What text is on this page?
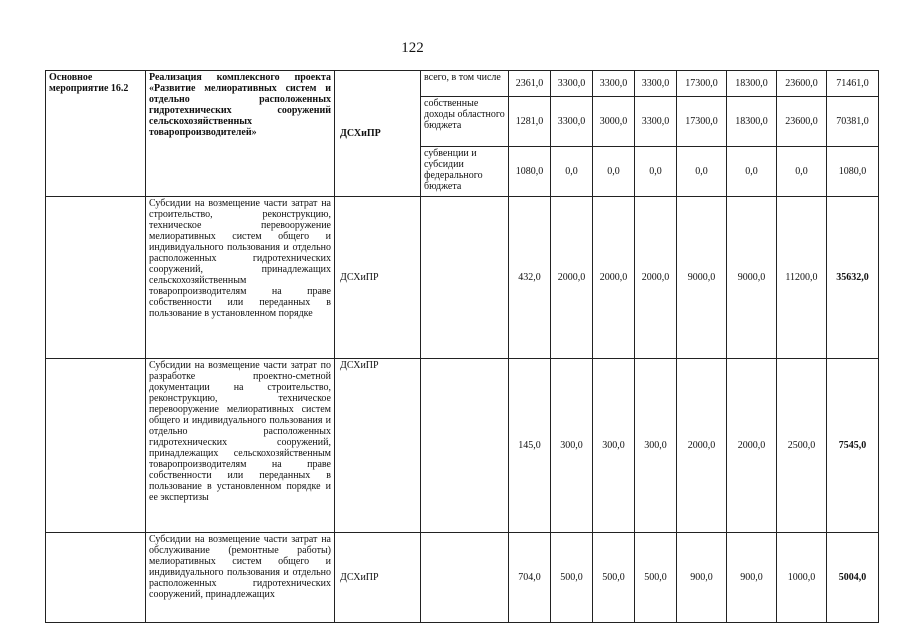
122
Основное мероприятие 16.2	Реализация комплексного проекта «Развитие мелиоративных систем и отдельно расположенных гидротехнических сооружений сельскохозяйственных товаропроизводителей»	ДСХиПР	всего, в том числе	2361,0	3300,0	3300,0	3300,0	17300,0	18300,0	23600,0	71461,0
			собственные доходы областного бюджета	1281,0	3300,0	3000,0	3300,0	17300,0	18300,0	23600,0	70381,0
			субвенции и субсидии федерального бюджета	1080,0	0,0	0,0	0,0	0,0	0,0	0,0	1080,0
	Субсидии на возмещение части затрат на строительство, реконструкцию, техническое перевооружение мелиоративных систем общего и индивидуального пользования и отдельно расположенных гидротехнических сооружений, принадлежащих сельскохозяйственным товаропроизводителям на праве собственности или переданных в пользование в установленном порядке	ДСХиПР		432,0	2000,0	2000,0	2000,0	9000,0	9000,0	11200,0	35632,0
	Субсидии на возмещение части затрат по разработке проектно-сметной документации на строительство, реконструкцию, техническое перевооружение мелиоративных систем общего и индивидуального пользования и отдельно расположенных гидротехнических сооружений, принадлежащих сельскохозяйственным товаропроизводителям на праве собственности или переданных в пользование в установленном порядке и ее экспертизы	ДСХиПР		145,0	300,0	300,0	300,0	2000,0	2000,0	2500,0	7545,0
	Субсидии на возмещение части затрат на обслуживание (ремонтные работы) мелиоративных систем общего и индивидуального пользования и отдельно расположенных гидротехнических сооружений, принадлежащих	ДСХиПР		704,0	500,0	500,0	500,0	900,0	900,0	1000,0	5004,0
